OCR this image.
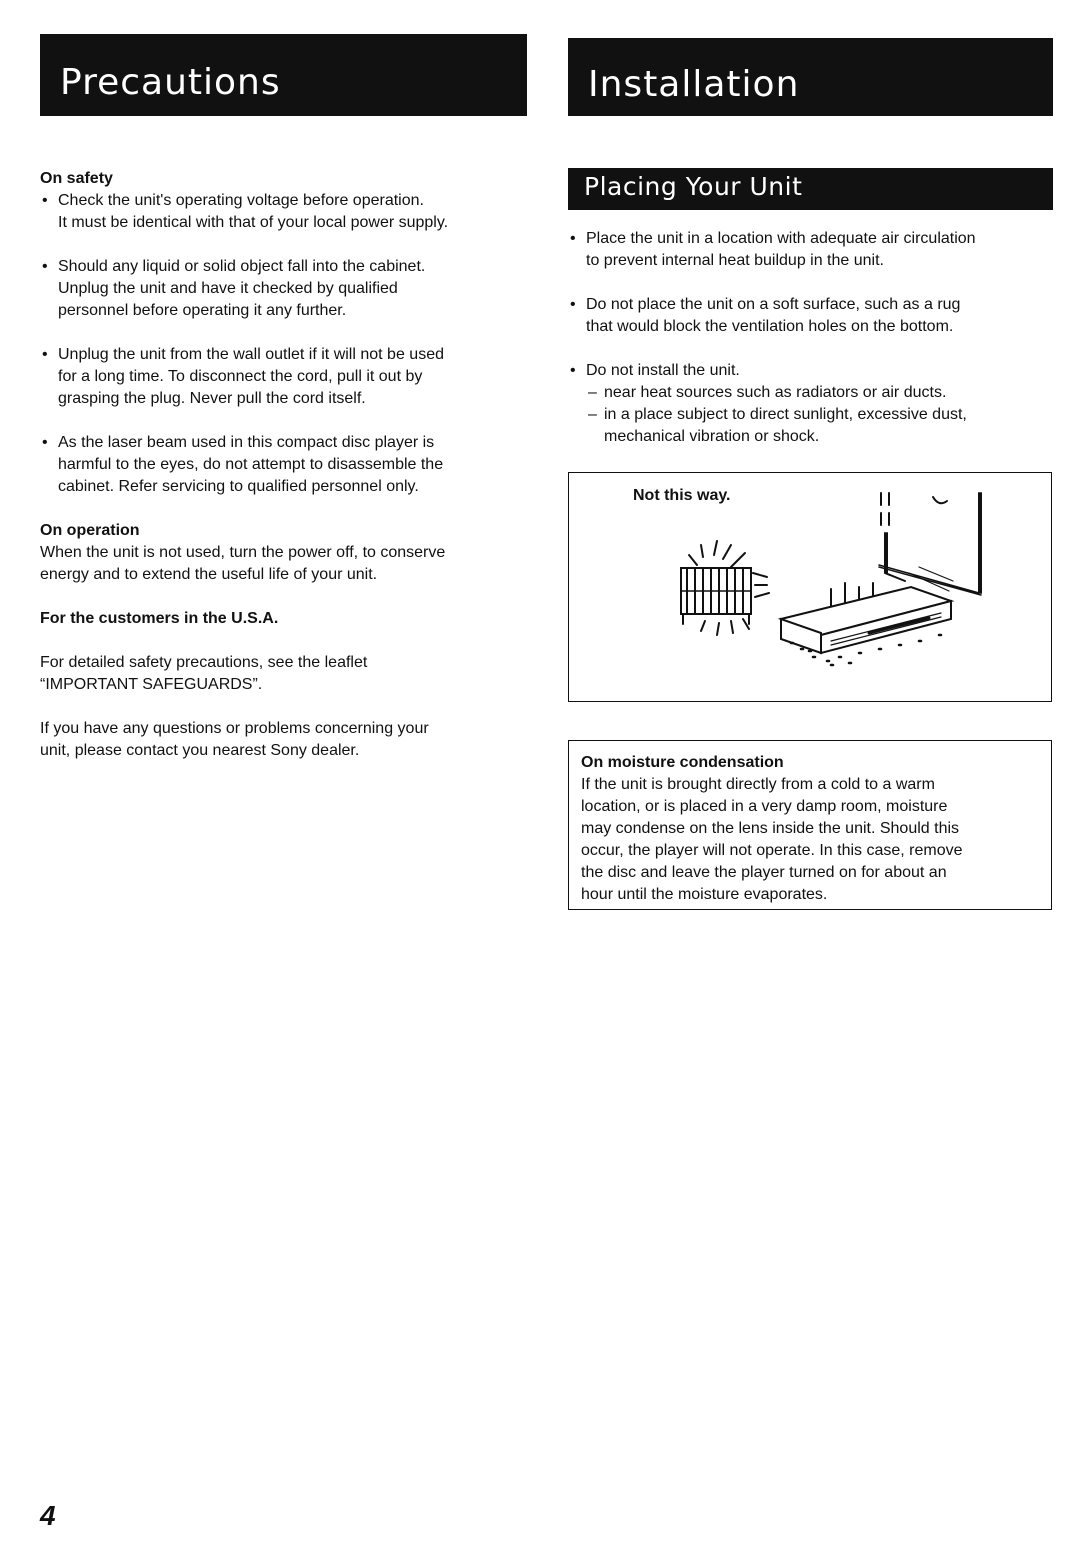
Precautions
On safety

• Check the unit's operating voltage before operation.

It must be identical with that of your local power supply.

• Should any liquid or solid object fall into the cabinet.

Unplug the unit and have it checked by qualified

personnel before operating it any further.

• Unplug the unit from the wall outlet if it will not be used

for a long time. To disconnect the cord, pull it out by

grasping the plug. Never pull the cord itself.

• As the laser beam used in this compact disc player is

harmful to the eyes, do not attempt to disassemble the

cabinet. Refer servicing to qualified personnel only.

On operation

When the unit is not used, turn the power off, to conserve

energy and to extend the useful life of your unit.

For the customers in the U.S.A.

For detailed safety precautions, see the leaflet

“IMPORTANT SAFEGUARDS”.

If you have any questions or problems concerning your

unit, please contact you nearest Sony dealer.

Installation
Placing Your Unit

• Place the unit in a location with adequate air circulation

to prevent internal heat buildup in the unit.

• Do not place the unit on a soft surface, such as a rug

that would block the ventilation holes on the bottom.

• Do not install the unit.

– near heat sources such as radiators or air ducts.

– in a place subject to direct sunlight, excessive dust,

mechanical vibration or shock.

Not this way.
On moisture condensation

If the unit is brought directly from a cold to a warm

location, or is placed in a very damp room, moisture

may condense on the lens inside the unit. Should this

occur, the player will not operate. In this case, remove

the disc and leave the player turned on for about an

hour until the moisture evaporates.

4
